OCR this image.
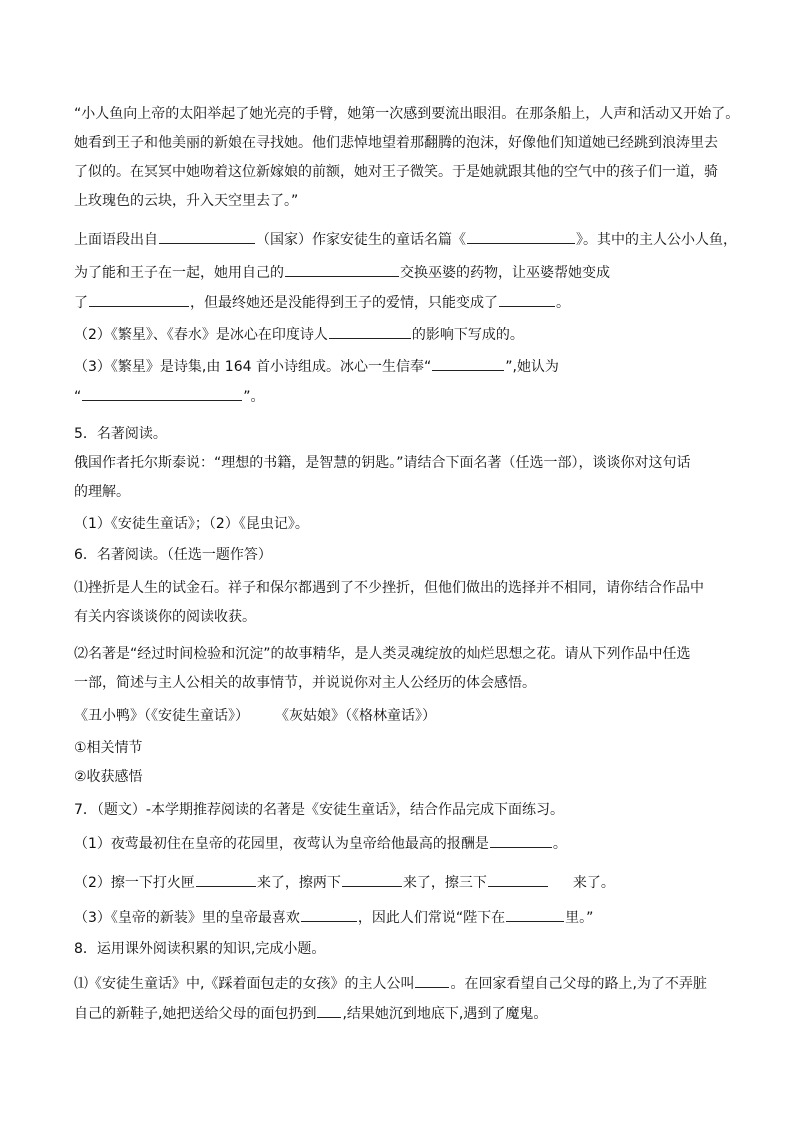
“小人鱼向上帝的太阳举起了她光亮的手臂，她第一次感到要流出眼泪。在那条船上，人声和活动又开始了。
她看到王子和他美丽的新娘在寻找她。他们悲悼地望着那翻腾的泡沫，好像他们知道她已经跳到浪涛里去
了似的。在冥冥中她吻着这位新嫁娘的前额，她对王子微笑。于是她就跟其他的空气中的孩子们一道，骑
上玫瑰色的云块，升入天空里去了。”
上面语段出自	（国家）作家安徒生的童话名篇《	》。其中的主人公小人鱼，
为了能和王子在一起，她用自己的	交换巫婆的药物，让巫婆帮她变成
了	，但最终她还是没能得到王子的爱情，只能变成了	。
（2）《繁星》、《春水》是冰心在印度诗人	的影响下写成的。
（3）《繁星》是诗集,由 164 首小诗组成。冰心一生信奉“	”,她认为
“	”。
5．名著阅读。
俄国作者托尔斯泰说：“理想的书籍，是智慧的钥匙。”请结合下面名著（任选一部），谈谈你对这句话
的理解。
（1）《安徒生童话》；（2）《昆虫记》。
6．名著阅读。（任选一题作答）
⑴挫折是人生的试金石。祥子和保尔都遇到了不少挫折，但他们做出的选择并不相同，请你结合作品中
有关内容谈谈你的阅读收获。
⑵名著是“经过时间检验和沉淀”的故事精华，是人类灵魂绽放的灿烂思想之花。请从下列作品中任选
一部，简述与主人公相关的故事情节，并说说你对主人公经历的体会感悟。
《丑小鸭》（《安徒生童话》） 《灰姑娘》（《格林童话》）
①相关情节
②收获感悟
7．（题文）-本学期推荐阅读的名著是《安徒生童话》，结合作品完成下面练习。
（1）夜莺最初住在皇帝的花园里，夜莺认为皇帝给他最高的报酬是	。
（2）擦一下打火匣	来了，擦两下	来了，擦三下	来了。
（3）《皇帝的新装》里的皇帝最喜欢	，因此人们常说“陛下在	里。”
8．运用课外阅读积累的知识,完成小题。
⑴《安徒生童话》中,《踩着面包走的女孩》的主人公叫	。在回家看望自己父母的路上,为了不弄脏
自己的新鞋子,她把送给父母的面包扔到 ,结果她沉到地底下,遇到了魔鬼。
